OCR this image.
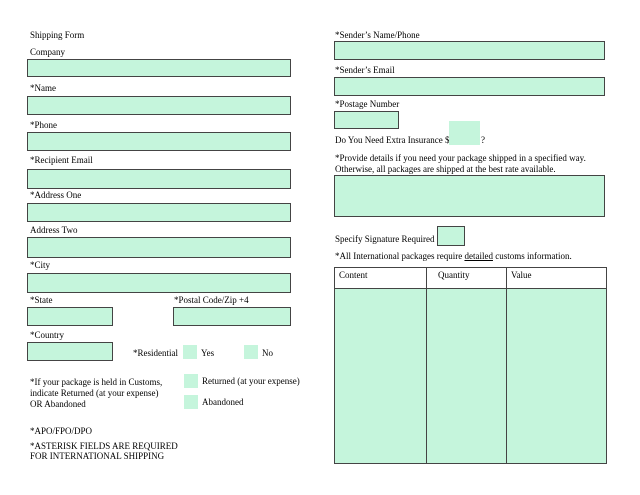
Shipping Form
Company
*Name
*Phone
*Recipient Email
*Address One
Address Two
*City
*State	*Postal Code/Zip +4
*Country
*Residential	Yes	No
*If your package is held in Customs, indicate Returned (at your expense) OR Abandoned
Returned (at your expense)
Abandoned
*APO/FPO/DPO
*ASTERISK FIELDS ARE REQUIRED FOR INTERNATIONAL SHIPPING
*Sender’s Name/Phone
*Sender’s Email
*Postage Number
Do You Need Extra Insurance $	?
*Provide details if you need your package shipped in a specified way. Otherwise, all packages are shipped at the best rate available.
Specify Signature Required
*All International packages require detailed customs information.
Content	Quantity	Value
